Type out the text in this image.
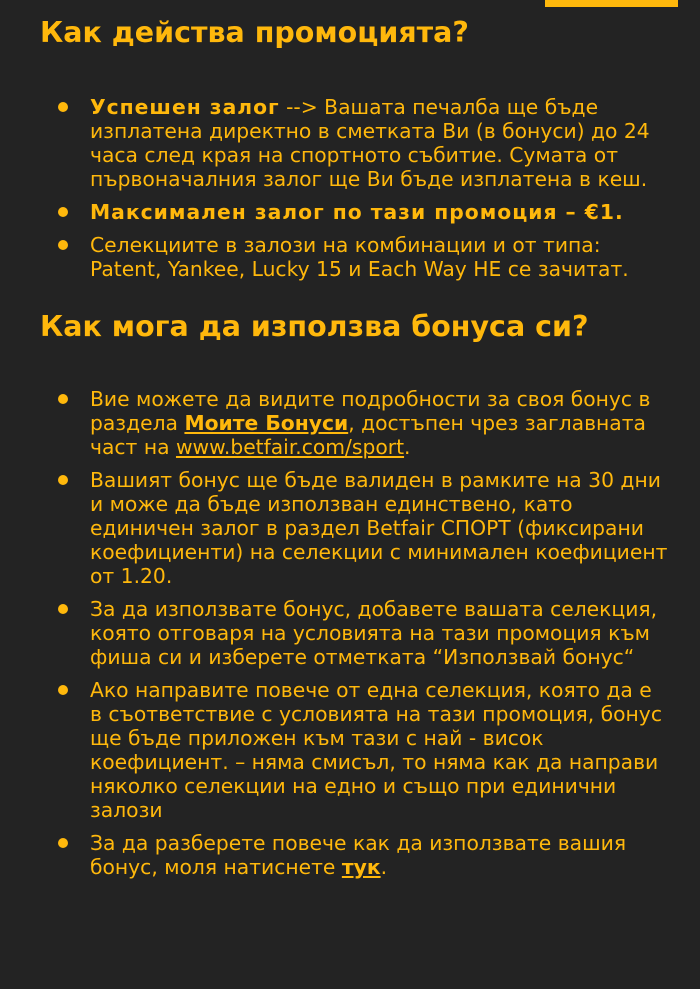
Как действа промоцията?
Успешен залог --> Вашата печалба ще бъде изплатена директно в сметката Ви (в бонуси) до 24 часа след края на спортното събитие. Сумата от първоначалния залог ще Ви бъде изплатена в кеш.
Максимален залог по тази промоция – €1.
Селекциите в залози на комбинации и от типа: Patent, Yankee, Lucky 15 и Each Way НЕ се зачитат.
Как мога да използва бонуса си?
Вие можете да видите подробности за своя бонус в раздела Моите Бонуси, достъпен чрез заглавната част на www.betfair.com/sport.
Вашият бонус ще бъде валиден в рамките на 30 дни и може да бъде използван единствено, като единичен залог в раздел Betfair СПОРТ (фиксирани коефициенти) на селекции с минимален коефициент от 1.20.
За да използвате бонус, добавете вашата селекция, която отговаря на условията на тази промоция към фиша си и изберете отметката “Използвай бонус“
Ако направите повече от една селекция, която да е в съответствие с условията на тази промоция, бонус ще бъде приложен към тази с най - висок коефициент. – няма смисъл, то няма как да направи няколко селекции на едно и също при единични залози
За да разберете повече как да използвате вашия бонус, моля натиснете тук.
